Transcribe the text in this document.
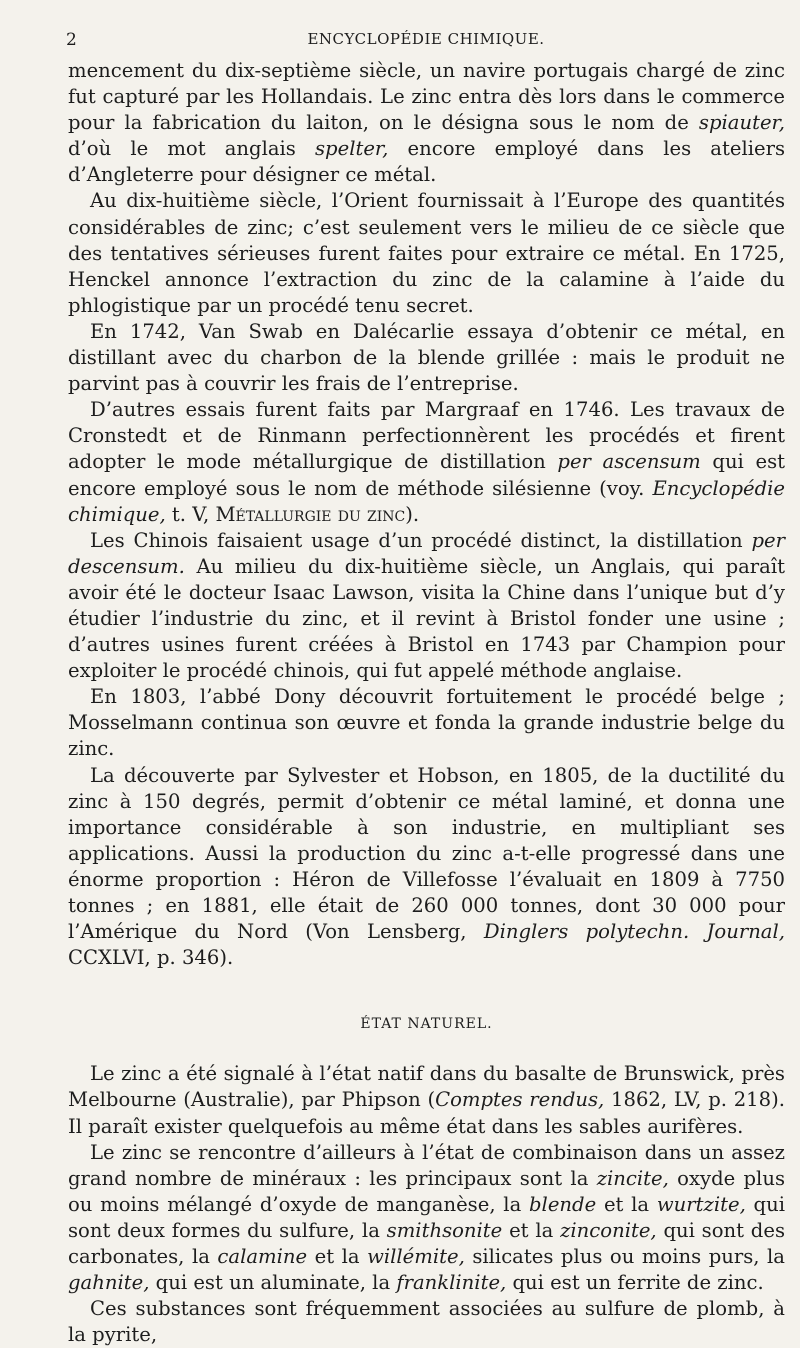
2	ENCYCLOPÉDIE CHIMIQUE.

mencement du dix-septième siècle, un navire portugais chargé de zinc fut capturé par les Hollandais. Le zinc entra dès lors dans le commerce pour la fabrication du laiton, on le désigna sous le nom de spiauter, d’où le mot anglais spelter, encore employé dans les ateliers d’Angleterre pour désigner ce métal.

Au dix-huitième siècle, l’Orient fournissait à l’Europe des quantités considérables de zinc; c’est seulement vers le milieu de ce siècle que des tentatives sérieuses furent faites pour extraire ce métal. En 1725, Henckel annonce l’extraction du zinc de la calamine à l’aide du phlogistique par un procédé tenu secret.

En 1742, Van Swab en Dalécarlie essaya d’obtenir ce métal, en distillant avec du charbon de la blende grillée : mais le produit ne parvint pas à couvrir les frais de l’entreprise.

D’autres essais furent faits par Margraaf en 1746. Les travaux de Cronstedt et de Rinmann perfectionnèrent les procédés et firent adopter le mode métallurgique de distillation per ascensum qui est encore employé sous le nom de méthode silésienne (voy. Encyclopédie chimique, t. V, Métallurgie du zinc).

Les Chinois faisaient usage d’un procédé distinct, la distillation per descensum. Au milieu du dix-huitième siècle, un Anglais, qui paraît avoir été le docteur Isaac Lawson, visita la Chine dans l’unique but d’y étudier l’industrie du zinc, et il revint à Bristol fonder une usine ; d’autres usines furent créées à Bristol en 1743 par Champion pour exploiter le procédé chinois, qui fut appelé méthode anglaise.

En 1803, l’abbé Dony découvrit fortuitement le procédé belge ; Mosselmann continua son œuvre et fonda la grande industrie belge du zinc.

La découverte par Sylvester et Hobson, en 1805, de la ductilité du zinc à 150 degrés, permit d’obtenir ce métal laminé, et donna une importance considérable à son industrie, en multipliant ses applications. Aussi la production du zinc a-t-elle progressé dans une énorme proportion : Héron de Villefosse l’évaluait en 1809 à 7750 tonnes ; en 1881, elle était de 260 000 tonnes, dont 30 000 pour l’Amérique du Nord (Von Lensberg, Dinglers polytechn. Journal, CCXLVI, p. 346).

ÉTAT NATUREL.

Le zinc a été signalé à l’état natif dans du basalte de Brunswick, près Melbourne (Australie), par Phipson (Comptes rendus, 1862, LV, p. 218). Il paraît exister quelquefois au même état dans les sables aurifères.

Le zinc se rencontre d’ailleurs à l’état de combinaison dans un assez grand nombre de minéraux : les principaux sont la zincite, oxyde plus ou moins mélangé d’oxyde de manganèse, la blende et la wurtzite, qui sont deux formes du sulfure, la smithsonite et la zinconite, qui sont des carbonates, la calamine et la willémite, silicates plus ou moins purs, la gahnite, qui est un aluminate, la franklinite, qui est un ferrite de zinc.

Ces substances sont fréquemment associées au sulfure de plomb, à la pyrite,
